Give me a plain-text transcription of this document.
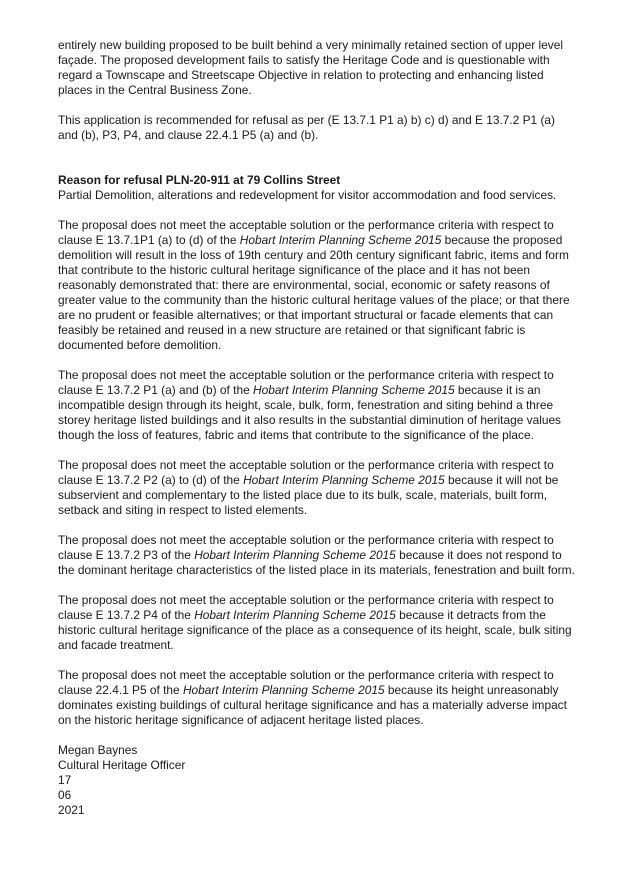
entirely new building proposed to be built behind a very minimally retained section of upper level façade. The proposed development fails to satisfy the Heritage Code and is questionable with regard a Townscape and Streetscape Objective in relation to protecting and enhancing listed places in the Central Business Zone.

This application is recommended for refusal as per (E 13.7.1 P1 a) b) c) d) and E 13.7.2 P1 (a) and (b), P3, P4, and clause 22.4.1 P5 (a) and (b).

Reason for refusal PLN-20-911 at 79 Collins Street

Partial Demolition, alterations and redevelopment for visitor accommodation and food services.

The proposal does not meet the acceptable solution or the performance criteria with respect to clause E 13.7.1P1 (a) to (d) of the Hobart Interim Planning Scheme 2015 because the proposed demolition will result in the loss of 19th century and 20th century significant fabric, items and form that contribute to the historic cultural heritage significance of the place and it has not been reasonably demonstrated that: there are environmental, social, economic or safety reasons of greater value to the community than the historic cultural heritage values of the place; or that there are no prudent or feasible alternatives; or that important structural or facade elements that can feasibly be retained and reused in a new structure are retained or that significant fabric is documented before demolition.

The proposal does not meet the acceptable solution or the performance criteria with respect to clause E 13.7.2 P1 (a) and (b) of the Hobart Interim Planning Scheme 2015 because it is an incompatible design through its height, scale, bulk, form, fenestration and siting behind a three storey heritage listed buildings and it also results in the substantial diminution of heritage values though the loss of features, fabric and items that contribute to the significance of the place.

The proposal does not meet the acceptable solution or the performance criteria with respect to clause E 13.7.2 P2 (a) to (d) of the Hobart Interim Planning Scheme 2015 because it will not be subservient and complementary to the listed place due to its bulk, scale, materials, built form, setback and siting in respect to listed elements.

The proposal does not meet the acceptable solution or the performance criteria with respect to clause E 13.7.2 P3 of the Hobart Interim Planning Scheme 2015 because it does not respond to the dominant heritage characteristics of the listed place in its materials, fenestration and built form.

The proposal does not meet the acceptable solution or the performance criteria with respect to clause E 13.7.2 P4 of the Hobart Interim Planning Scheme 2015 because it detracts from the historic cultural heritage significance of the place as a consequence of its height, scale, bulk siting and facade treatment.

The proposal does not meet the acceptable solution or the performance criteria with respect to clause 22.4.1 P5 of the Hobart Interim Planning Scheme 2015 because its height unreasonably dominates existing buildings of cultural heritage significance and has a materially adverse impact on the historic heritage significance of adjacent heritage listed places.

Megan Baynes

Cultural Heritage Officer

17

06

2021
